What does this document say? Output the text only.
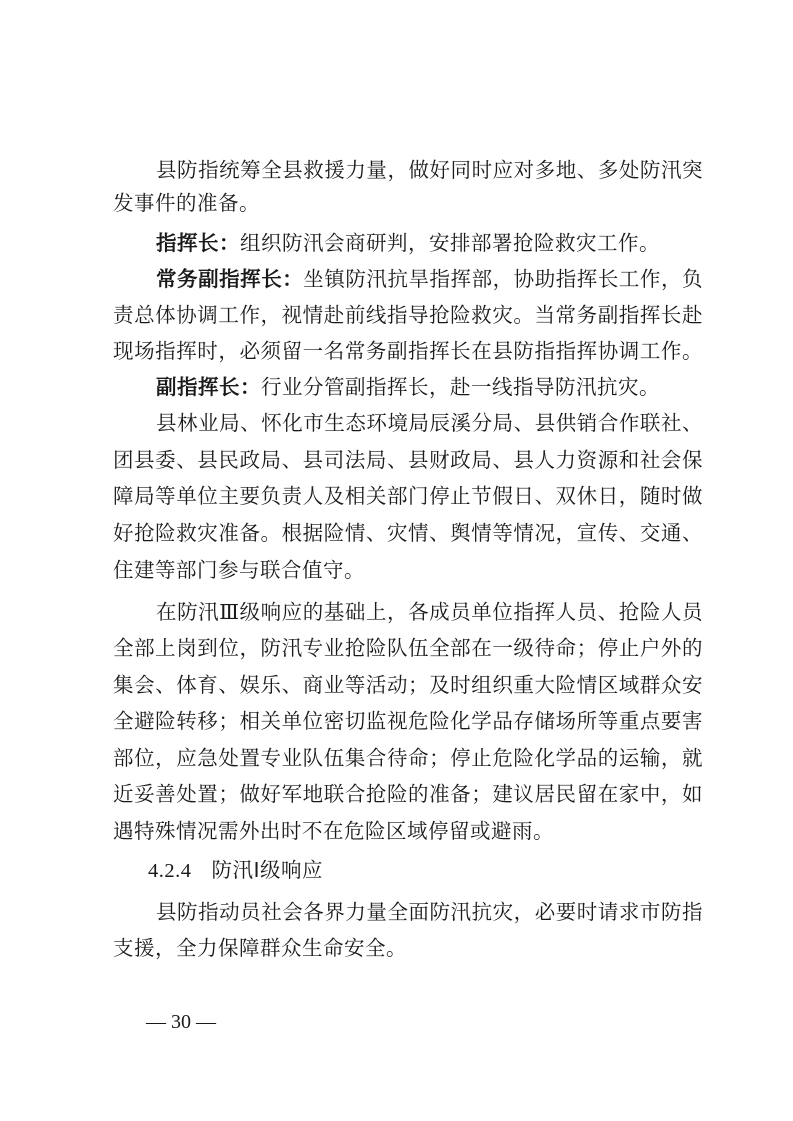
县防指统筹全县救援力量，做好同时应对多地、多处防汛突
发事件的准备。
指挥长：组织防汛会商研判，安排部署抢险救灾工作。
常务副指挥长：坐镇防汛抗旱指挥部，协助指挥长工作，负
责总体协调工作，视情赴前线指导抢险救灾。当常务副指挥长赴
现场指挥时，必须留一名常务副指挥长在县防指指挥协调工作。
副指挥长：行业分管副指挥长，赴一线指导防汛抗灾。
县林业局、怀化市生态环境局辰溪分局、县供销合作联社、
团县委、县民政局、县司法局、县财政局、县人力资源和社会保
障局等单位主要负责人及相关部门停止节假日、双休日，随时做
好抢险救灾准备。根据险情、灾情、舆情等情况，宣传、交通、
住建等部门参与联合值守。
在防汛Ⅲ级响应的基础上，各成员单位指挥人员、抢险人员
全部上岗到位，防汛专业抢险队伍全部在一级待命；停止户外的
集会、体育、娱乐、商业等活动；及时组织重大险情区域群众安
全避险转移；相关单位密切监视危险化学品存储场所等重点要害
部位，应急处置专业队伍集合待命；停止危险化学品的运输，就
近妥善处置；做好军地联合抢险的准备；建议居民留在家中，如
遇特殊情况需外出时不在危险区域停留或避雨。
4.2.4 防汛Ⅰ级响应
县防指动员社会各界力量全面防汛抗灾，必要时请求市防指
支援，全力保障群众生命安全。
— 30 —
